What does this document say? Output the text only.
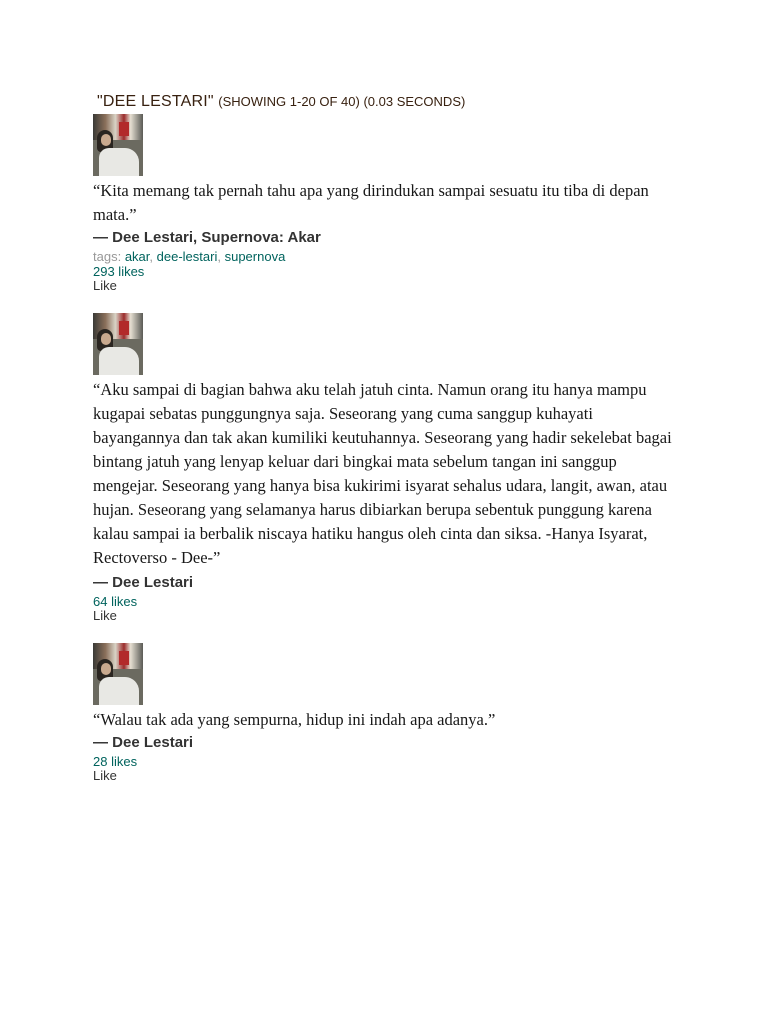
"DEE LESTARI" (SHOWING 1-20 OF 40) (0.03 SECONDS)

“Kita memang tak pernah tahu apa yang dirindukan sampai sesuatu itu tiba di depan mata.”

― Dee Lestari, Supernova: Akar

tags: akar, dee-lestari, supernova

293 likes

Like

“Aku sampai di bagian bahwa aku telah jatuh cinta. Namun orang itu hanya mampu kugapai sebatas punggungnya saja. Seseorang yang cuma sanggup kuhayati bayangannya dan tak akan kumiliki keutuhannya. Seseorang yang hadir sekelebat bagai bintang jatuh yang lenyap keluar dari bingkai mata sebelum tangan ini sanggup mengejar. Seseorang yang hanya bisa kukirimi isyarat sehalus udara, langit, awan, atau hujan. Seseorang yang selamanya harus dibiarkan berupa sebentuk punggung karena kalau sampai ia berbalik niscaya hatiku hangus oleh cinta dan siksa. -Hanya Isyarat, Rectoverso - Dee-”

― Dee Lestari

64 likes

Like

“Walau tak ada yang sempurna, hidup ini indah apa adanya.”

― Dee Lestari

28 likes

Like
